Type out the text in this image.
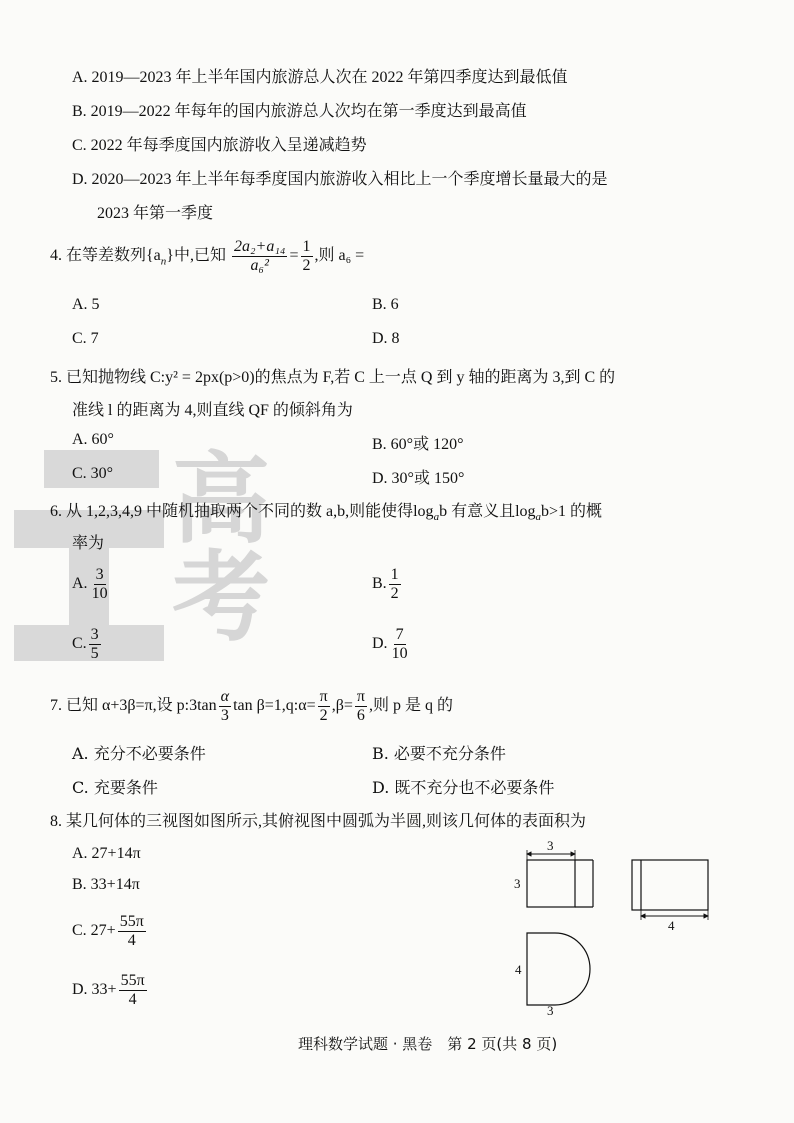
高
考
A. 2019—2023 年上半年国内旅游总人次在 2022 年第四季度达到最低值
B. 2019—2022 年每年的国内旅游总人次均在第一季度达到最高值
C. 2022 年每季度国内旅游收入呈递减趋势
D. 2020—2023 年上半年每季度国内旅游收入相比上一个季度增长量最大的是
2023 年第一季度
4. 在等差数列$\{a_n\}$中,已知 $\frac{\text{2a₂+a₁₄}}{\text{a₆²}} = \frac{1}{2}$ ,则 a₆ =
A. 5	B. 6
C. 7	D. 8
5. 已知抛物线 C:y² = 2px(p>0)的焦点为 F,若 C 上一点 Q 到 y 轴的距离为 3,到 C 的
准线 l 的距离为 4,则直线 QF 的倾斜角为
A. 60°	B. 60°或 120°
C. 30°	D. 30°或 150°
6. 从 1,2,3,4,9 中随机抽取两个不同的数 a,b,则能使得$\log_ab$ 有意义且$\log_ab>1$ 的概
率为
A. $\frac{3}{10}$	B. $\frac{1}{2}$
C. $\frac{3}{5}$	D. $\frac{7}{10}$
7. 已知 α+3β=π,设 p:3tan $\frac{\alpha}{3}$ tan β=1,q:α= $\frac{\pi}{2} ,\beta= \frac{\pi}{6}$ ,则 p 是 q 的
A. 充分不必要条件	B. 必要不充分条件
C. 充要条件	D. 既不充分也不必要条件
8. 某几何体的三视图如图所示,其俯视图中圆弧为半圆,则该几何体的表面积为
A. 27+14π
B. 33+14π
C. $27+ \frac{55\pi}{4}$
D. $33+ \frac{55\pi}{4}$
3
3
4
4
3
理科数学试题 · 黑卷　第 2 页(共 8 页)
